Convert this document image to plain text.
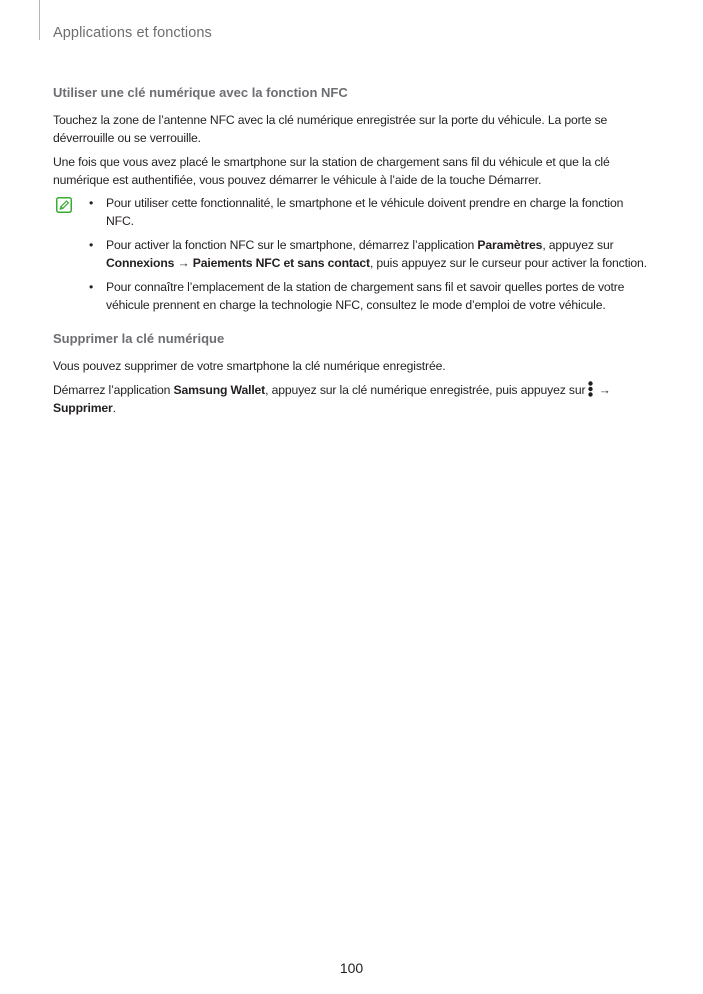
Applications et fonctions
Utiliser une clé numérique avec la fonction NFC

Touchez la zone de l’antenne NFC avec la clé numérique enregistrée sur la porte du véhicule. La porte se déverrouille ou se verrouille.

Une fois que vous avez placé le smartphone sur la station de chargement sans fil du véhicule et que la clé numérique est authentifiée, vous pouvez démarrer le véhicule à l’aide de la touche Démarrer.

• Pour utiliser cette fonctionnalité, le smartphone et le véhicule doivent prendre en charge la fonction NFC.
• Pour activer la fonction NFC sur le smartphone, démarrez l’application Paramètres, appuyez sur Connexions → Paiements NFC et sans contact, puis appuyez sur le curseur pour activer la fonction.
• Pour connaître l’emplacement de la station de chargement sans fil et savoir quelles portes de votre véhicule prennent en charge la technologie NFC, consultez le mode d’emploi de votre véhicule.
Supprimer la clé numérique

Vous pouvez supprimer de votre smartphone la clé numérique enregistrée.

Démarrez l’application Samsung Wallet, appuyez sur la clé numérique enregistrée, puis appuyez sur → Supprimer.

100
